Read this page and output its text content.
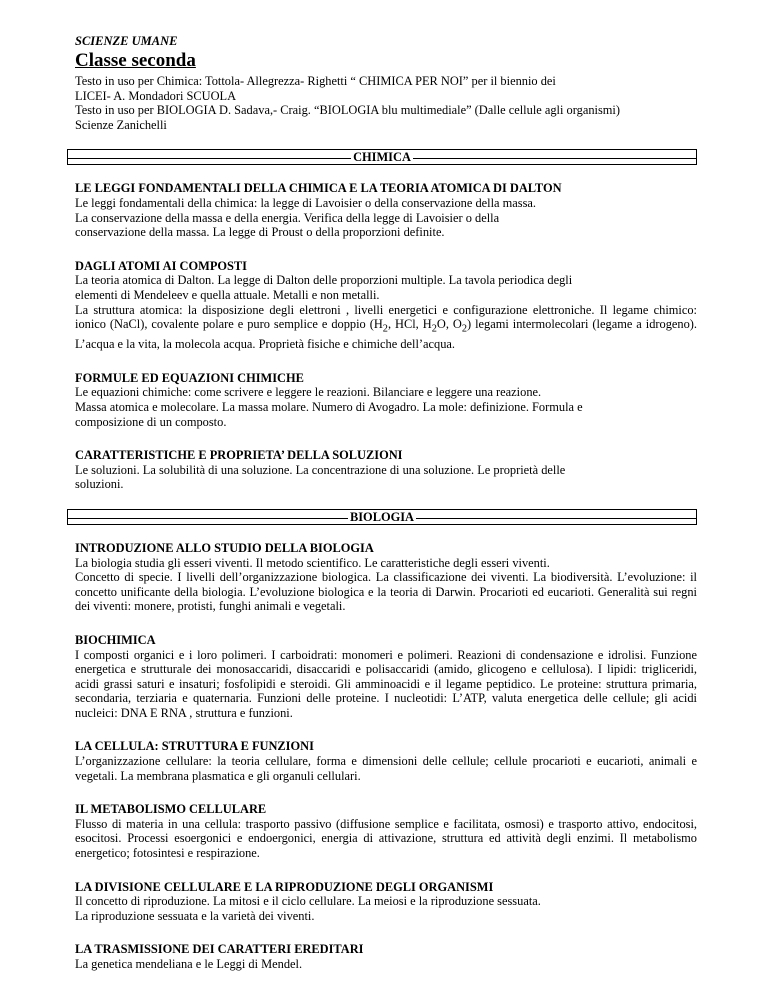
SCIENZE UMANE
Classe seconda

Testo in uso per Chimica: Tottola- Allegrezza- Righetti “ CHIMICA PER NOI” per il biennio dei

LICEI- A. Mondadori SCUOLA

Testo in uso per BIOLOGIA D. Sadava,- Craig. “BIOLOGIA blu multimediale” (Dalle cellule agli organismi)

Scienze Zanichelli

CHIMICA
LE LEGGI FONDAMENTALI DELLA CHIMICA E LA TEORIA ATOMICA DI DALTON

Le leggi fondamentali della chimica: la legge di Lavoisier o della conservazione della massa.

La conservazione della massa e della energia. Verifica della legge di Lavoisier o della

conservazione della massa. La legge di Proust o della proporzioni definite.

DAGLI ATOMI AI COMPOSTI

La teoria atomica di Dalton. La legge di Dalton delle proporzioni multiple. La tavola periodica degli

elementi di Mendeleev e quella attuale. Metalli e non metalli.

La struttura atomica: la disposizione degli elettroni , livelli energetici e configurazione elettroniche. Il legame chimico: ionico (NaCl), covalente polare e puro semplice e doppio ($H_2$, HCl, $H_2O$, $O_2$) legami intermolecolari (legame a idrogeno). L’acqua e la vita, la molecola acqua. Proprietà fisiche e chimiche dell’acqua.

FORMULE ED EQUAZIONI CHIMICHE

Le equazioni chimiche: come scrivere e leggere le reazioni. Bilanciare e leggere una reazione.

Massa atomica e molecolare. La massa molare. Numero di Avogadro. La mole: definizione. Formula e

composizione di un composto.

CARATTERISTICHE E PROPRIETA’ DELLA SOLUZIONI

Le soluzioni. La solubilità di una soluzione. La concentrazione di una soluzione. Le proprietà delle

soluzioni.

BIOLOGIA
INTRODUZIONE ALLO STUDIO DELLA BIOLOGIA

La biologia studia gli esseri viventi. Il metodo scientifico. Le caratteristiche degli esseri viventi.

Concetto di specie. I livelli dell’organizzazione biologica. La classificazione dei viventi. La biodiversità. L’evoluzione: il concetto unificante della biologia. L’evoluzione biologica e la teoria di Darwin. Procarioti ed eucarioti. Generalità sui regni dei viventi: monere, protisti, funghi animali e vegetali.

BIOCHIMICA

I composti organici e i loro polimeri. I carboidrati: monomeri e polimeri. Reazioni di condensazione e idrolisi. Funzione energetica e strutturale dei monosaccaridi, disaccaridi e polisaccaridi (amido, glicogeno e cellulosa). I lipidi: trigliceridi, acidi grassi saturi e insaturi; fosfolipidi e steroidi. Gli amminoacidi e il legame peptidico. Le proteine: struttura primaria, secondaria, terziaria e quaternaria. Funzioni delle proteine. I nucleotidi: L’ATP, valuta energetica delle cellule; gli acidi nucleici: DNA E RNA , struttura e funzioni.

LA CELLULA: STRUTTURA E FUNZIONI

L’organizzazione cellulare: la teoria cellulare, forma e dimensioni delle cellule; cellule procarioti e eucarioti, animali e vegetali. La membrana plasmatica e gli organuli cellulari.

IL METABOLISMO CELLULARE

Flusso di materia in una cellula: trasporto passivo (diffusione semplice e facilitata, osmosi) e trasporto attivo, endocitosi, esocitosi. Processi esoergonici e endoergonici, energia di attivazione, struttura ed attività degli enzimi. Il metabolismo energetico; fotosintesi e respirazione.

LA DIVISIONE CELLULARE E LA RIPRODUZIONE DEGLI ORGANISMI

Il concetto di riproduzione. La mitosi e il ciclo cellulare. La meiosi e la riproduzione sessuata.

La riproduzione sessuata e la varietà dei viventi.

LA TRASMISSIONE DEI CARATTERI EREDITARI

La genetica mendeliana e le Leggi di Mendel.
